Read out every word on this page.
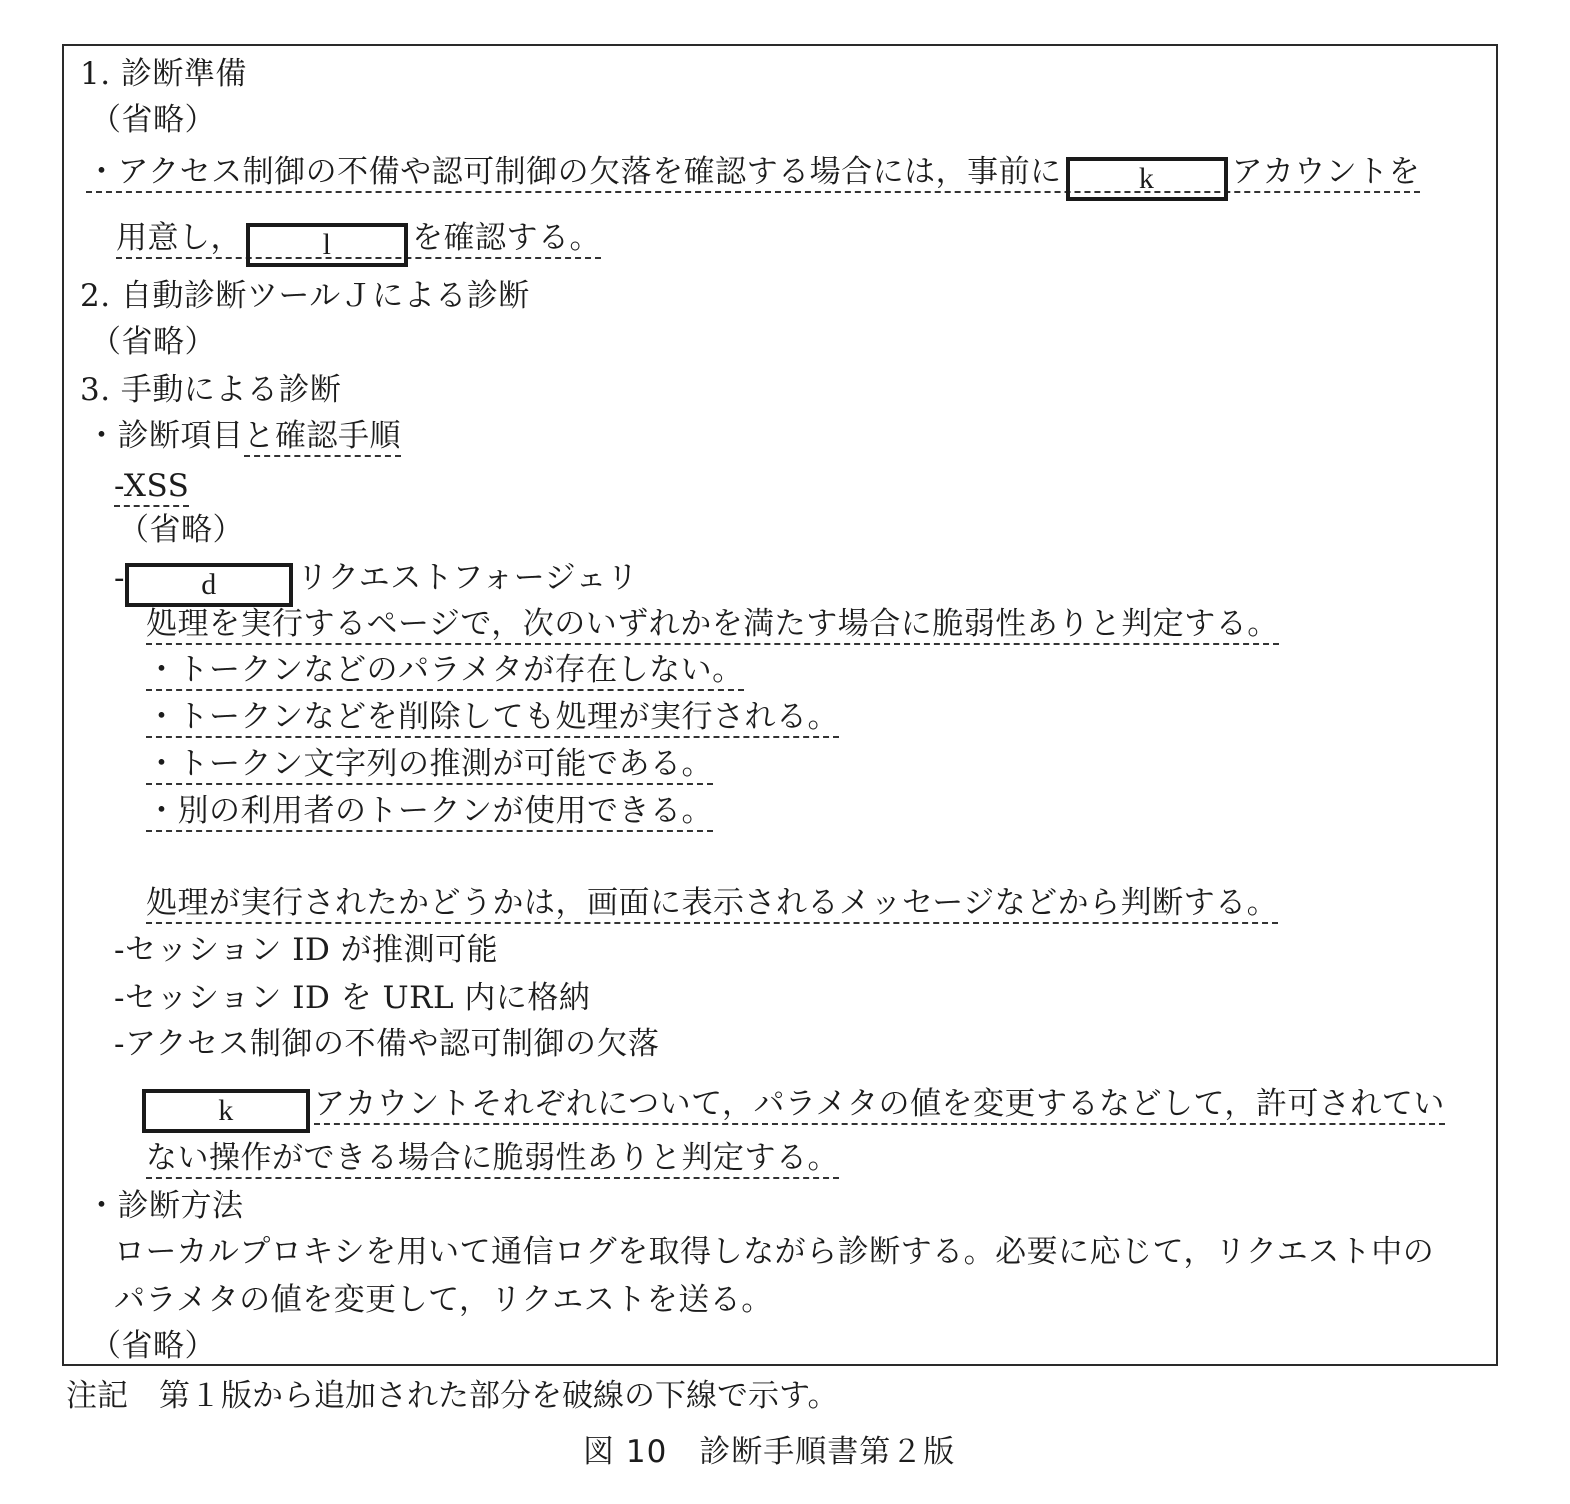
1. 診断準備
（省略）
・アクセス制御の不備や認可制御の欠落を確認する場合には，事前に	k アカウントを
用意し，	l	を確認する。
2. 自動診断ツールＪによる診断
（省略）
3. 手動による診断
・診断項目と確認手順
-XSS
（省略）
-	d	リクエストフォージェリ
処理を実行するページで，次のいずれかを満たす場合に脆弱性ありと判定する。
・トークンなどのパラメタが存在しない。
・トークンなどを削除しても処理が実行される。
・トークン文字列の推測が可能である。
・別の利用者のトークンが使用できる。
処理が実行されたかどうかは，画面に表示されるメッセージなどから判断する。
-セッション ID が推測可能
-セッション ID を URL 内に格納
-アクセス制御の不備や認可制御の欠落
k	アカウントそれぞれについて，パラメタの値を変更するなどして，許可されてい
ない操作ができる場合に脆弱性ありと判定する。
・診断方法
ローカルプロキシを用いて通信ログを取得しながら診断する。必要に応じて，リクエスト中の
パラメタの値を変更して，リクエストを送る。
（省略）
注記　第１版から追加された部分を破線の下線で示す。
図 10　診断手順書第２版
